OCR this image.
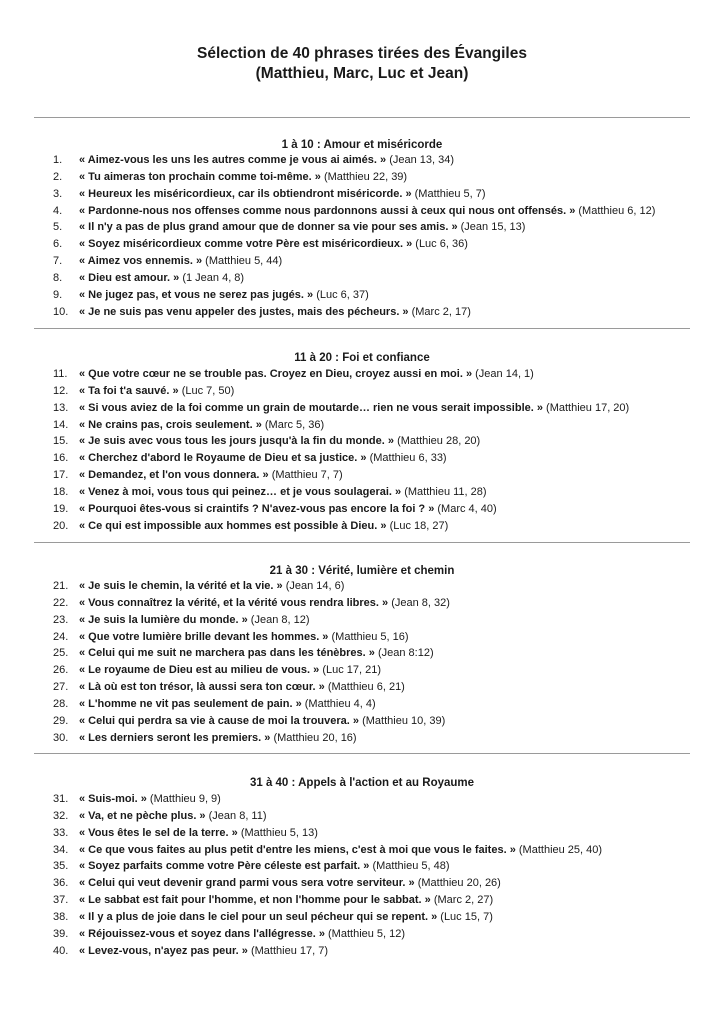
Sélection de 40 phrases tirées des Évangiles
(Matthieu, Marc, Luc et Jean)
1 à 10 : Amour et miséricorde
1.	« Aimez-vous les uns les autres comme je vous ai aimés. » (Jean 13, 34)
2.	« Tu aimeras ton prochain comme toi-même. » (Matthieu 22, 39)
3.	« Heureux les miséricordieux, car ils obtiendront miséricorde. » (Matthieu 5, 7)
4.	« Pardonne-nous nos offenses comme nous pardonnons aussi à ceux qui nous ont offensés. » (Matthieu 6, 12)
5.	« Il n'y a pas de plus grand amour que de donner sa vie pour ses amis. » (Jean 15, 13)
6.	« Soyez miséricordieux comme votre Père est miséricordieux. » (Luc 6, 36)
7.	« Aimez vos ennemis. » (Matthieu 5, 44)
8.	« Dieu est amour. » (1 Jean 4, 8)
9.	« Ne jugez pas, et vous ne serez pas jugés. » (Luc 6, 37)
10. « Je ne suis pas venu appeler des justes, mais des pécheurs. » (Marc 2, 17)
11 à 20 : Foi et confiance
11.	« Que votre cœur ne se trouble pas. Croyez en Dieu, croyez aussi en moi. » (Jean 14, 1)
12. « Ta foi t'a sauvé. » (Luc 7, 50)
13. « Si vous aviez de la foi comme un grain de moutarde… rien ne vous serait impossible. » (Matthieu 17, 20)
14. « Ne crains pas, crois seulement. » (Marc 5, 36)
15. « Je suis avec vous tous les jours jusqu'à la fin du monde. » (Matthieu 28, 20)
16. « Cherchez d'abord le Royaume de Dieu et sa justice. » (Matthieu 6, 33)
17. « Demandez, et l'on vous donnera. » (Matthieu 7, 7)
18. « Venez à moi, vous tous qui peinez… et je vous soulagerai. » (Matthieu 11, 28)
19. « Pourquoi êtes-vous si craintifs ? N'avez-vous pas encore la foi ? » (Marc 4, 40)
20. « Ce qui est impossible aux hommes est possible à Dieu. » (Luc 18, 27)
21 à 30 : Vérité, lumière et chemin
21. « Je suis le chemin, la vérité et la vie. » (Jean 14, 6)
22. « Vous connaîtrez la vérité, et la vérité vous rendra libres. » (Jean 8, 32)
23. « Je suis la lumière du monde. » (Jean 8, 12)
24. « Que votre lumière brille devant les hommes. » (Matthieu 5, 16)
25. « Celui qui me suit ne marchera pas dans les ténèbres. » (Jean 8:12)
26. « Le royaume de Dieu est au milieu de vous. » (Luc 17, 21)
27. « Là où est ton trésor, là aussi sera ton cœur. » (Matthieu 6, 21)
28. « L'homme ne vit pas seulement de pain. » (Matthieu 4, 4)
29. « Celui qui perdra sa vie à cause de moi la trouvera. » (Matthieu 10, 39)
30. « Les derniers seront les premiers. » (Matthieu 20, 16)
31 à 40 : Appels à l'action et au Royaume
31. « Suis-moi. » (Matthieu 9, 9)
32. « Va, et ne pèche plus. » (Jean 8, 11)
33. « Vous êtes le sel de la terre. » (Matthieu 5, 13)
34. « Ce que vous faites au plus petit d'entre les miens, c'est à moi que vous le faites. » (Matthieu 25, 40)
35. « Soyez parfaits comme votre Père céleste est parfait. » (Matthieu 5, 48)
36. « Celui qui veut devenir grand parmi vous sera votre serviteur. » (Matthieu 20, 26)
37. « Le sabbat est fait pour l'homme, et non l'homme pour le sabbat. » (Marc 2, 27)
38. « Il y a plus de joie dans le ciel pour un seul pécheur qui se repent. » (Luc 15, 7)
39. « Réjouissez-vous et soyez dans l'allégresse. » (Matthieu 5, 12)
40. « Levez-vous, n'ayez pas peur. » (Matthieu 17, 7)
